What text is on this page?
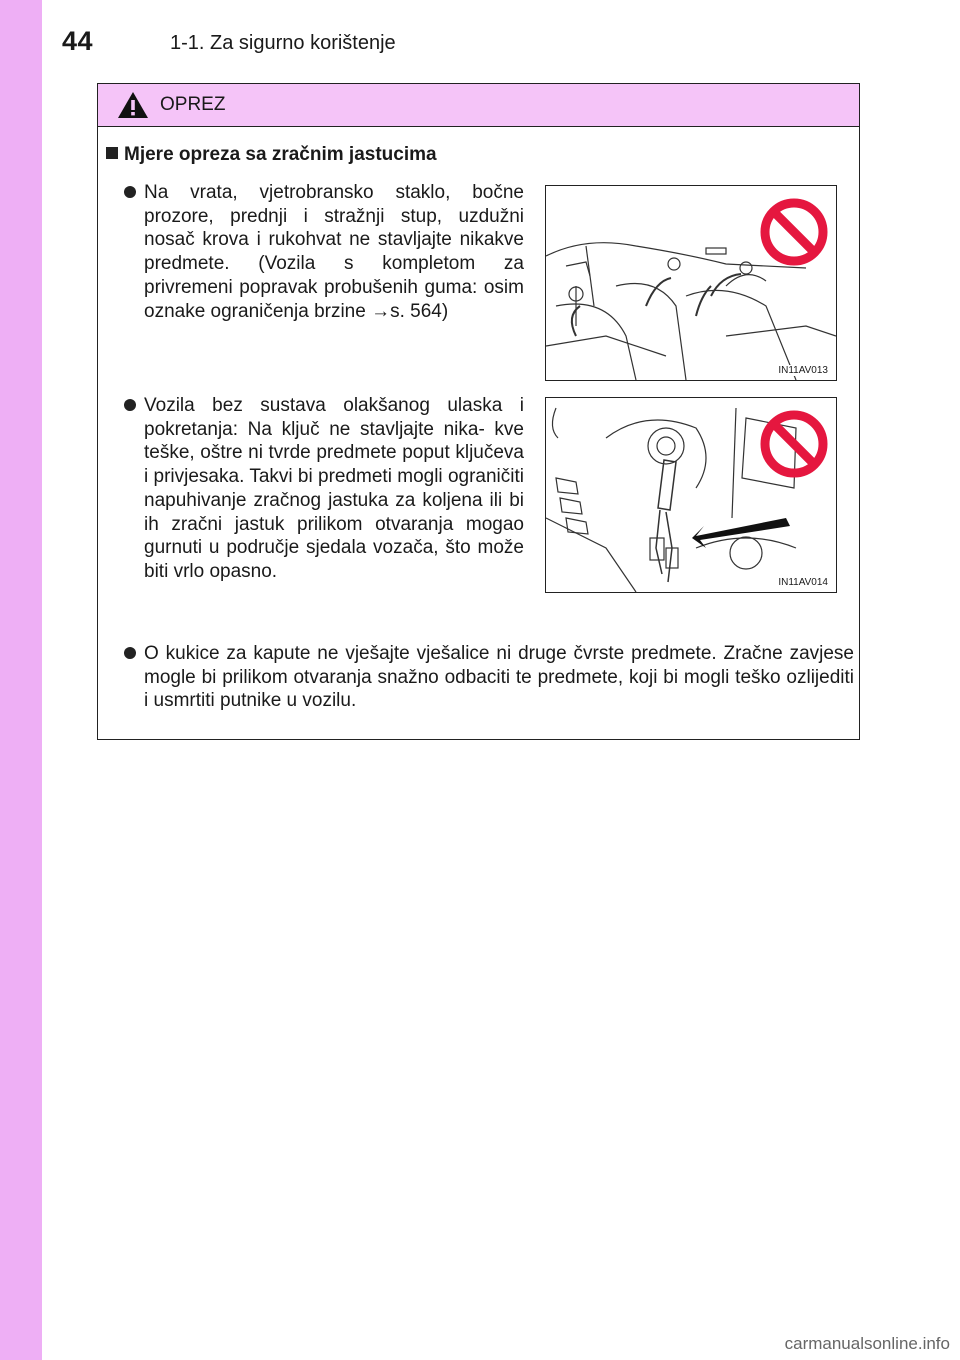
44	1-1. Za sigurno korištenje
OPREZ
Mjere opreza sa zračnim jastucima
Na vrata, vjetrobransko staklo, bočne prozore, prednji i stražnji stup, uzdužni nosač krova i rukohvat ne stavljajte nikakve predmete. (Vozila s kompletom za privremeni popravak probušenih guma: osim oznake ograničenja brzine →s. 564)
IN11AV013
Vozila bez sustava olakšanog ulaska i pokretanja: Na ključ ne stavljajte nika- kve teške, oštre ni tvrde predmete poput ključeva i privjesaka. Takvi bi predmeti mogli ograničiti napuhivanje zračnog jastuka za koljena ili bi ih zračni jastuk prilikom otvaranja mogao gurnuti u područje sjedala vozača, što može biti vrlo opasno.
IN11AV014
O kukice za kapute ne vješajte vješalice ni druge čvrste predmete. Zračne zavjese mogle bi prilikom otvaranja snažno odbaciti te predmete, koji bi mogli teško ozlijediti i usmrtiti putnike u vozilu.
carmanualsonline.info
